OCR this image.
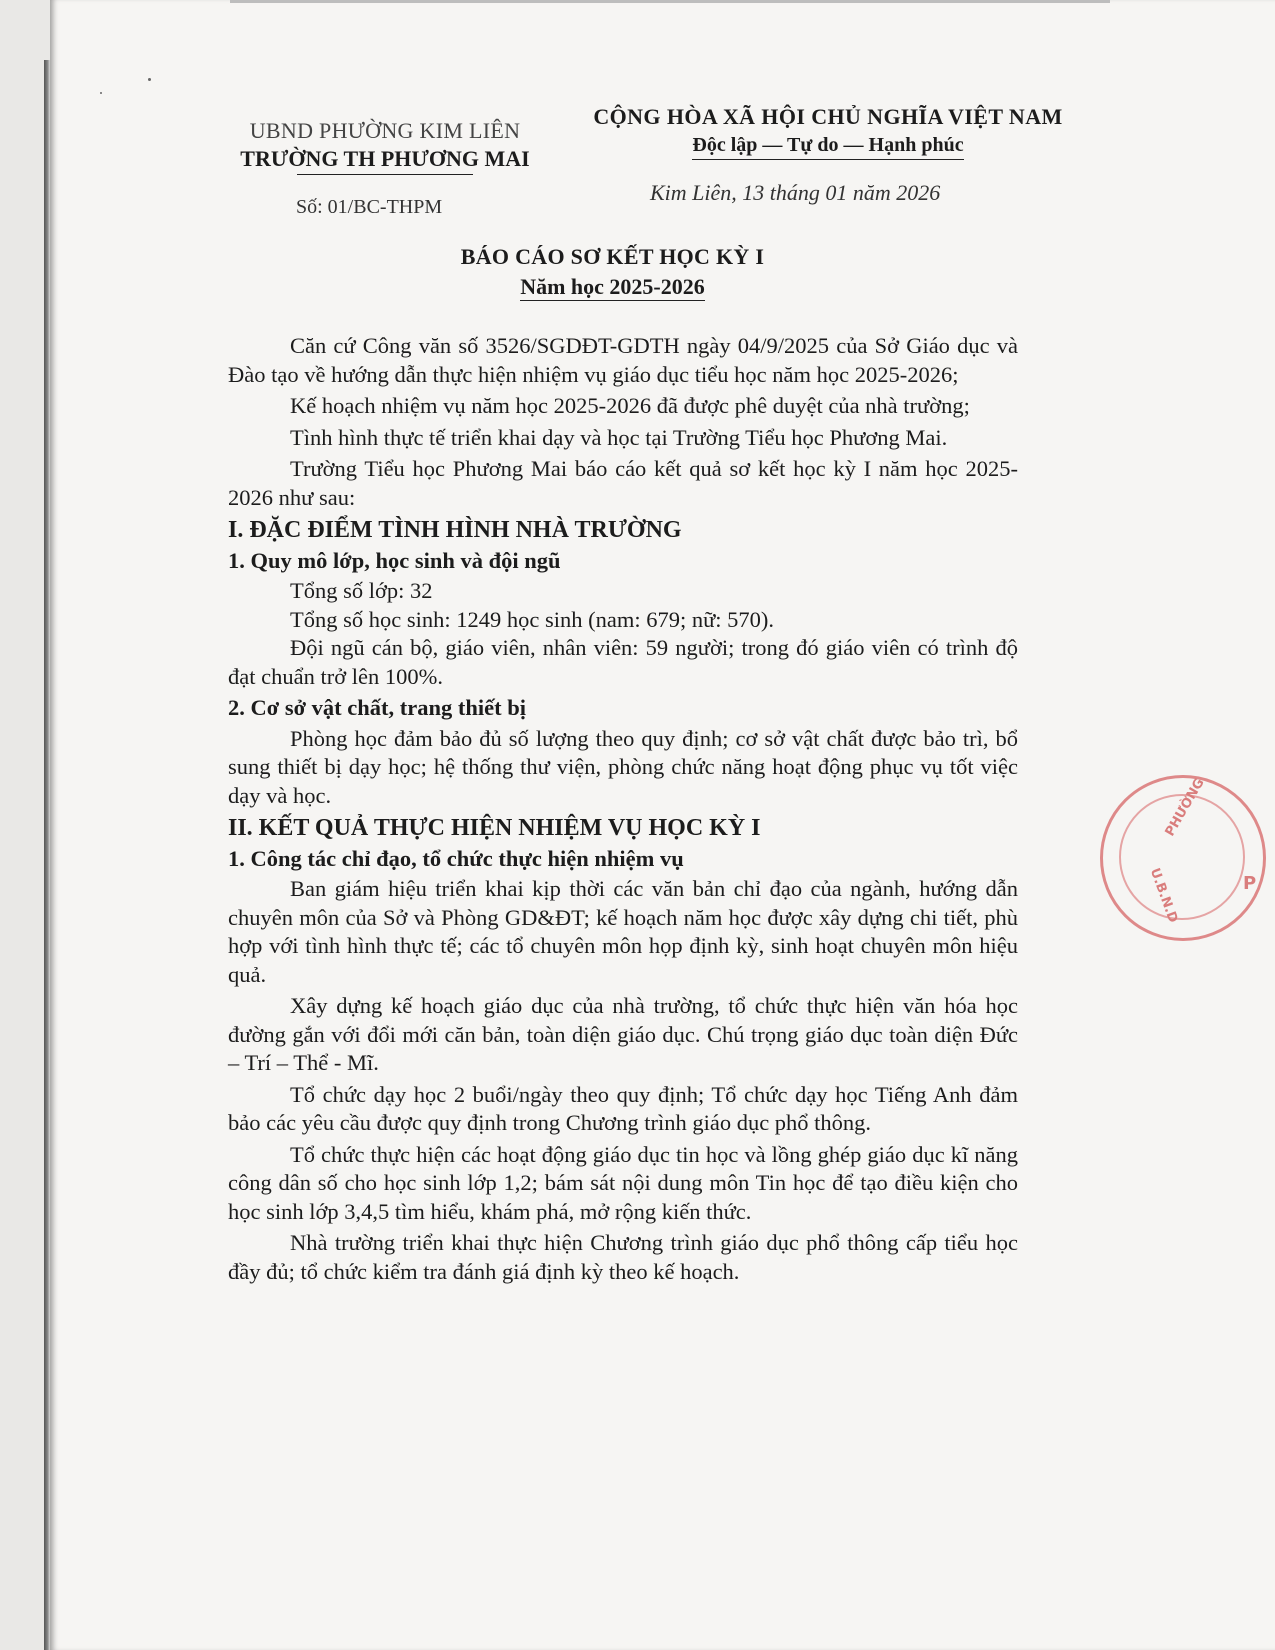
UBND PHƯỜNG KIM LIÊN
TRƯỜNG TH PHƯƠNG MAI
CỘNG HÒA XÃ HỘI CHỦ NGHĨA VIỆT NAM
Độc lập — Tự do — Hạnh phúc
Số: 01/BC-THPM
Kim Liên, 13 tháng 01 năm 2026
BÁO CÁO SƠ KẾT HỌC KỲ I
Năm học 2025-2026

Căn cứ Công văn số 3526/SGDĐT-GDTH ngày 04/9/2025 của Sở Giáo dục và Đào tạo về hướng dẫn thực hiện nhiệm vụ giáo dục tiểu học năm học 2025-2026;

Kế hoạch nhiệm vụ năm học 2025-2026 đã được phê duyệt của nhà trường;

Tình hình thực tế triển khai dạy và học tại Trường Tiểu học Phương Mai.

Trường Tiểu học Phương Mai báo cáo kết quả sơ kết học kỳ I năm học 2025-2026 như sau:

I. ĐẶC ĐIỂM TÌNH HÌNH NHÀ TRƯỜNG
1. Quy mô lớp, học sinh và đội ngũ

Tổng số lớp: 32

Tổng số học sinh: 1249 học sinh (nam: 679; nữ: 570).

Đội ngũ cán bộ, giáo viên, nhân viên: 59 người; trong đó giáo viên có trình độ đạt chuẩn trở lên 100%.

2. Cơ sở vật chất, trang thiết bị

Phòng học đảm bảo đủ số lượng theo quy định; cơ sở vật chất được bảo trì, bổ sung thiết bị dạy học; hệ thống thư viện, phòng chức năng hoạt động phục vụ tốt việc dạy và học.

II. KẾT QUẢ THỰC HIỆN NHIỆM VỤ HỌC KỲ I
1. Công tác chỉ đạo, tổ chức thực hiện nhiệm vụ

Ban giám hiệu triển khai kịp thời các văn bản chỉ đạo của ngành, hướng dẫn chuyên môn của Sở và Phòng GD&ĐT; kế hoạch năm học được xây dựng chi tiết, phù hợp với tình hình thực tế; các tổ chuyên môn họp định kỳ, sinh hoạt chuyên môn hiệu quả.

Xây dựng kế hoạch giáo dục của nhà trường, tổ chức thực hiện văn hóa học đường gắn với đổi mới căn bản, toàn diện giáo dục. Chú trọng giáo dục toàn diện Đức – Trí – Thể - Mĩ.

Tổ chức dạy học 2 buổi/ngày theo quy định; Tổ chức dạy học Tiếng Anh đảm bảo các yêu cầu được quy định trong Chương trình giáo dục phổ thông.

Tổ chức thực hiện các hoạt động giáo dục tin học và lồng ghép giáo dục kĩ năng công dân số cho học sinh lớp 1,2; bám sát nội dung môn Tin học để tạo điều kiện cho học sinh lớp 3,4,5 tìm hiểu, khám phá, mở rộng kiến thức.

Nhà trường triển khai thực hiện Chương trình giáo dục phổ thông cấp tiểu học đầy đủ; tổ chức kiểm tra đánh giá định kỳ theo kế hoạch.

PHƯỜNG
U.B.N.D	P
